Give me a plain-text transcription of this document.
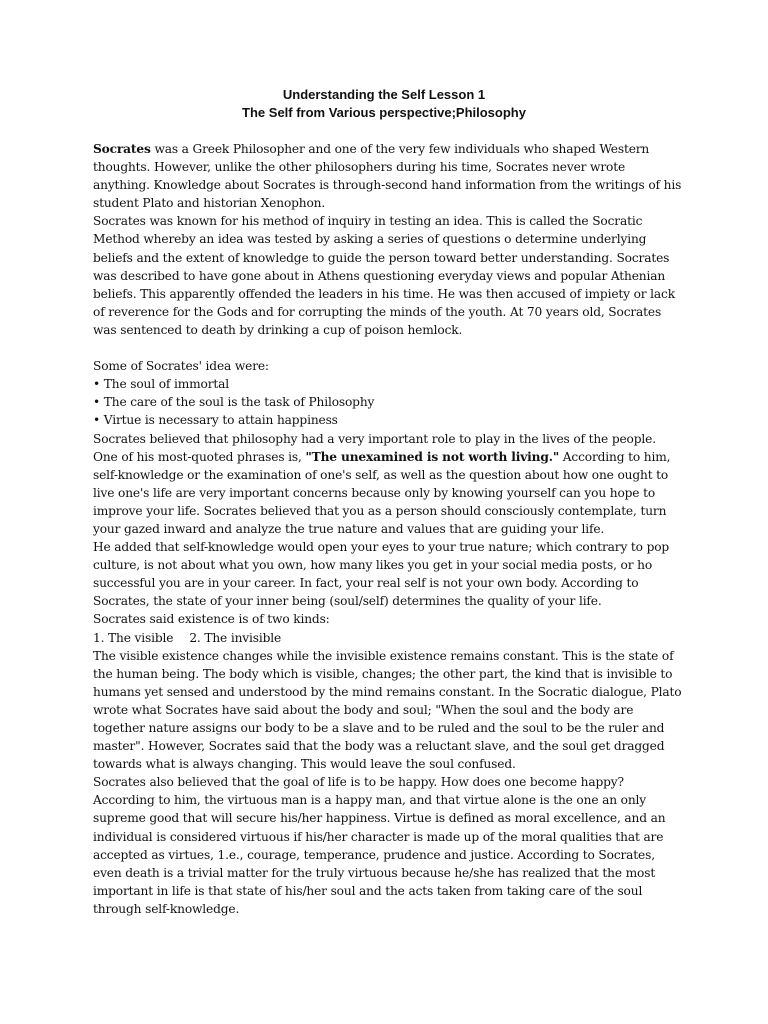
Understanding the Self Lesson 1
The Self from Various perspective;Philosophy

Socrates was a Greek Philosopher and one of the very few individuals who shaped Western thoughts. However, unlike the other philosophers during his time, Socrates never wrote anything. Knowledge about Socrates is through-second hand information from the writings of his student Plato and historian Xenophon.

Socrates was known for his method of inquiry in testing an idea. This is called the Socratic Method whereby an idea was tested by asking a series of questions o determine underlying beliefs and the extent of knowledge to guide the person toward better understanding. Socrates was described to have gone about in Athens questioning everyday views and popular Athenian beliefs. This apparently offended the leaders in his time. He was then accused of impiety or lack of reverence for the Gods and for corrupting the minds of the youth. At 70 years old, Socrates was sentenced to death by drinking a cup of poison hemlock.

Some of Socrates' idea were:

• The soul of immortal

• The care of the soul is the task of Philosophy

• Virtue is necessary to attain happiness

Socrates believed that philosophy had a very important role to play in the lives of the people. One of his most-quoted phrases is, "The unexamined is not worth living." According to him, self-knowledge or the examination of one's self, as well as the question about how one ought to live one's life are very important concerns because only by knowing yourself can you hope to improve your life. Socrates believed that you as a person should consciously contemplate, turn your gazed inward and analyze the true nature and values that are guiding your life.

He added that self-knowledge would open your eyes to your true nature; which contrary to pop culture, is not about what you own, how many likes you get in your social media posts, or ho successful you are in your career. In fact, your real self is not your own body. According to Socrates, the state of your inner being (soul/self) determines the quality of your life.

Socrates said existence is of two kinds:

1. The visible 2. The invisible

The visible existence changes while the invisible existence remains constant. This is the state of the human being. The body which is visible, changes; the other part, the kind that is invisible to humans yet sensed and understood by the mind remains constant. In the Socratic dialogue, Plato wrote what Socrates have said about the body and soul; "When the soul and the body are together nature assigns our body to be a slave and to be ruled and the soul to be the ruler and master". However, Socrates said that the body was a reluctant slave, and the soul get dragged towards what is always changing. This would leave the soul confused.

Socrates also believed that the goal of life is to be happy. How does one become happy? According to him, the virtuous man is a happy man, and that virtue alone is the one an only supreme good that will secure his/her happiness. Virtue is defined as moral excellence, and an individual is considered virtuous if his/her character is made up of the moral qualities that are accepted as virtues, 1.e., courage, temperance, prudence and justice. According to Socrates, even death is a trivial matter for the truly virtuous because he/she has realized that the most important in life is that state of his/her soul and the acts taken from taking care of the soul through self-knowledge.
